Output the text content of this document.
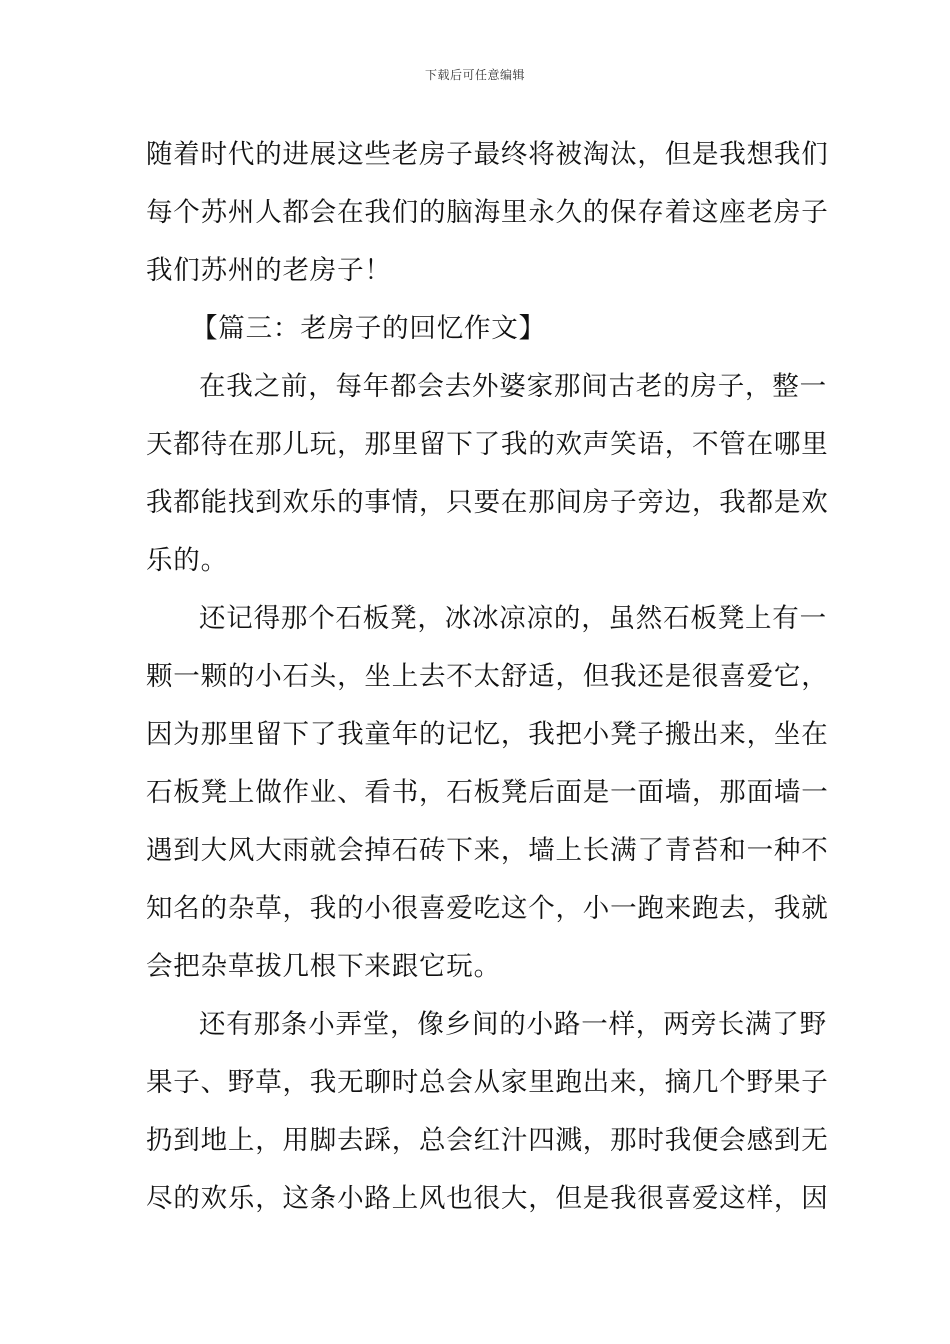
下载后可任意编辑
随着时代的进展这些老房子最终将被淘汰，但是我想我们
每个苏州人都会在我们的脑海里永久的保存着这座老房子
我们苏州的老房子！
【篇三：老房子的回忆作文】
在我之前，每年都会去外婆家那间古老的房子，整一
天都待在那儿玩，那里留下了我的欢声笑语，不管在哪里
我都能找到欢乐的事情，只要在那间房子旁边，我都是欢
乐的。
还记得那个石板凳，冰冰凉凉的，虽然石板凳上有一
颗一颗的小石头，坐上去不太舒适，但我还是很喜爱它，
因为那里留下了我童年的记忆，我把小凳子搬出来，坐在
石板凳上做作业、看书，石板凳后面是一面墙，那面墙一
遇到大风大雨就会掉石砖下来，墙上长满了青苔和一种不
知名的杂草，我的小很喜爱吃这个，小一跑来跑去，我就
会把杂草拔几根下来跟它玩。
还有那条小弄堂，像乡间的小路一样，两旁长满了野
果子、野草，我无聊时总会从家里跑出来，摘几个野果子
扔到地上，用脚去踩，总会红汁四溅，那时我便会感到无
尽的欢乐，这条小路上风也很大，但是我很喜爱这样，因
